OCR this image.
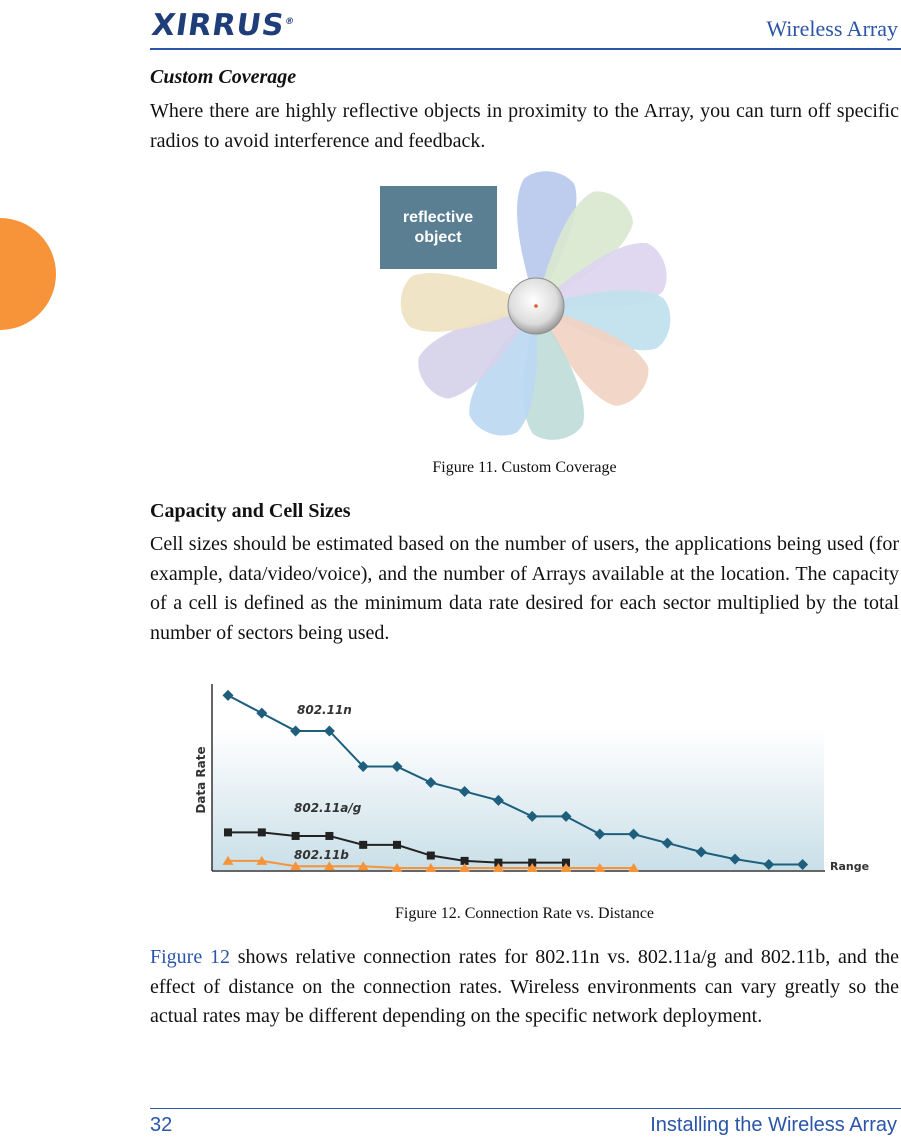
XIRRUS®	Wireless Array
Custom Coverage
Where there are highly reflective objects in proximity to the Array, you can turn off specific radios to avoid interference and feedback.
reflective
object
Figure 11. Custom Coverage
Capacity and Cell Sizes
Cell sizes should be estimated based on the number of users, the applications being used (for example, data/video/voice), and the number of Arrays available at the location. The capacity of a cell is defined as the minimum data rate desired for each sector multiplied by the total number of sectors being used.
Data Rate
Range
802.11n
802.11a/g
802.11b
Figure 12. Connection Rate vs. Distance
Figure 12 shows relative connection rates for 802.11n vs. 802.11a/g and 802.11b, and the effect of distance on the connection rates. Wireless environments can vary greatly so the actual rates may be different depending on the specific network deployment.
32	Installing the Wireless Array
